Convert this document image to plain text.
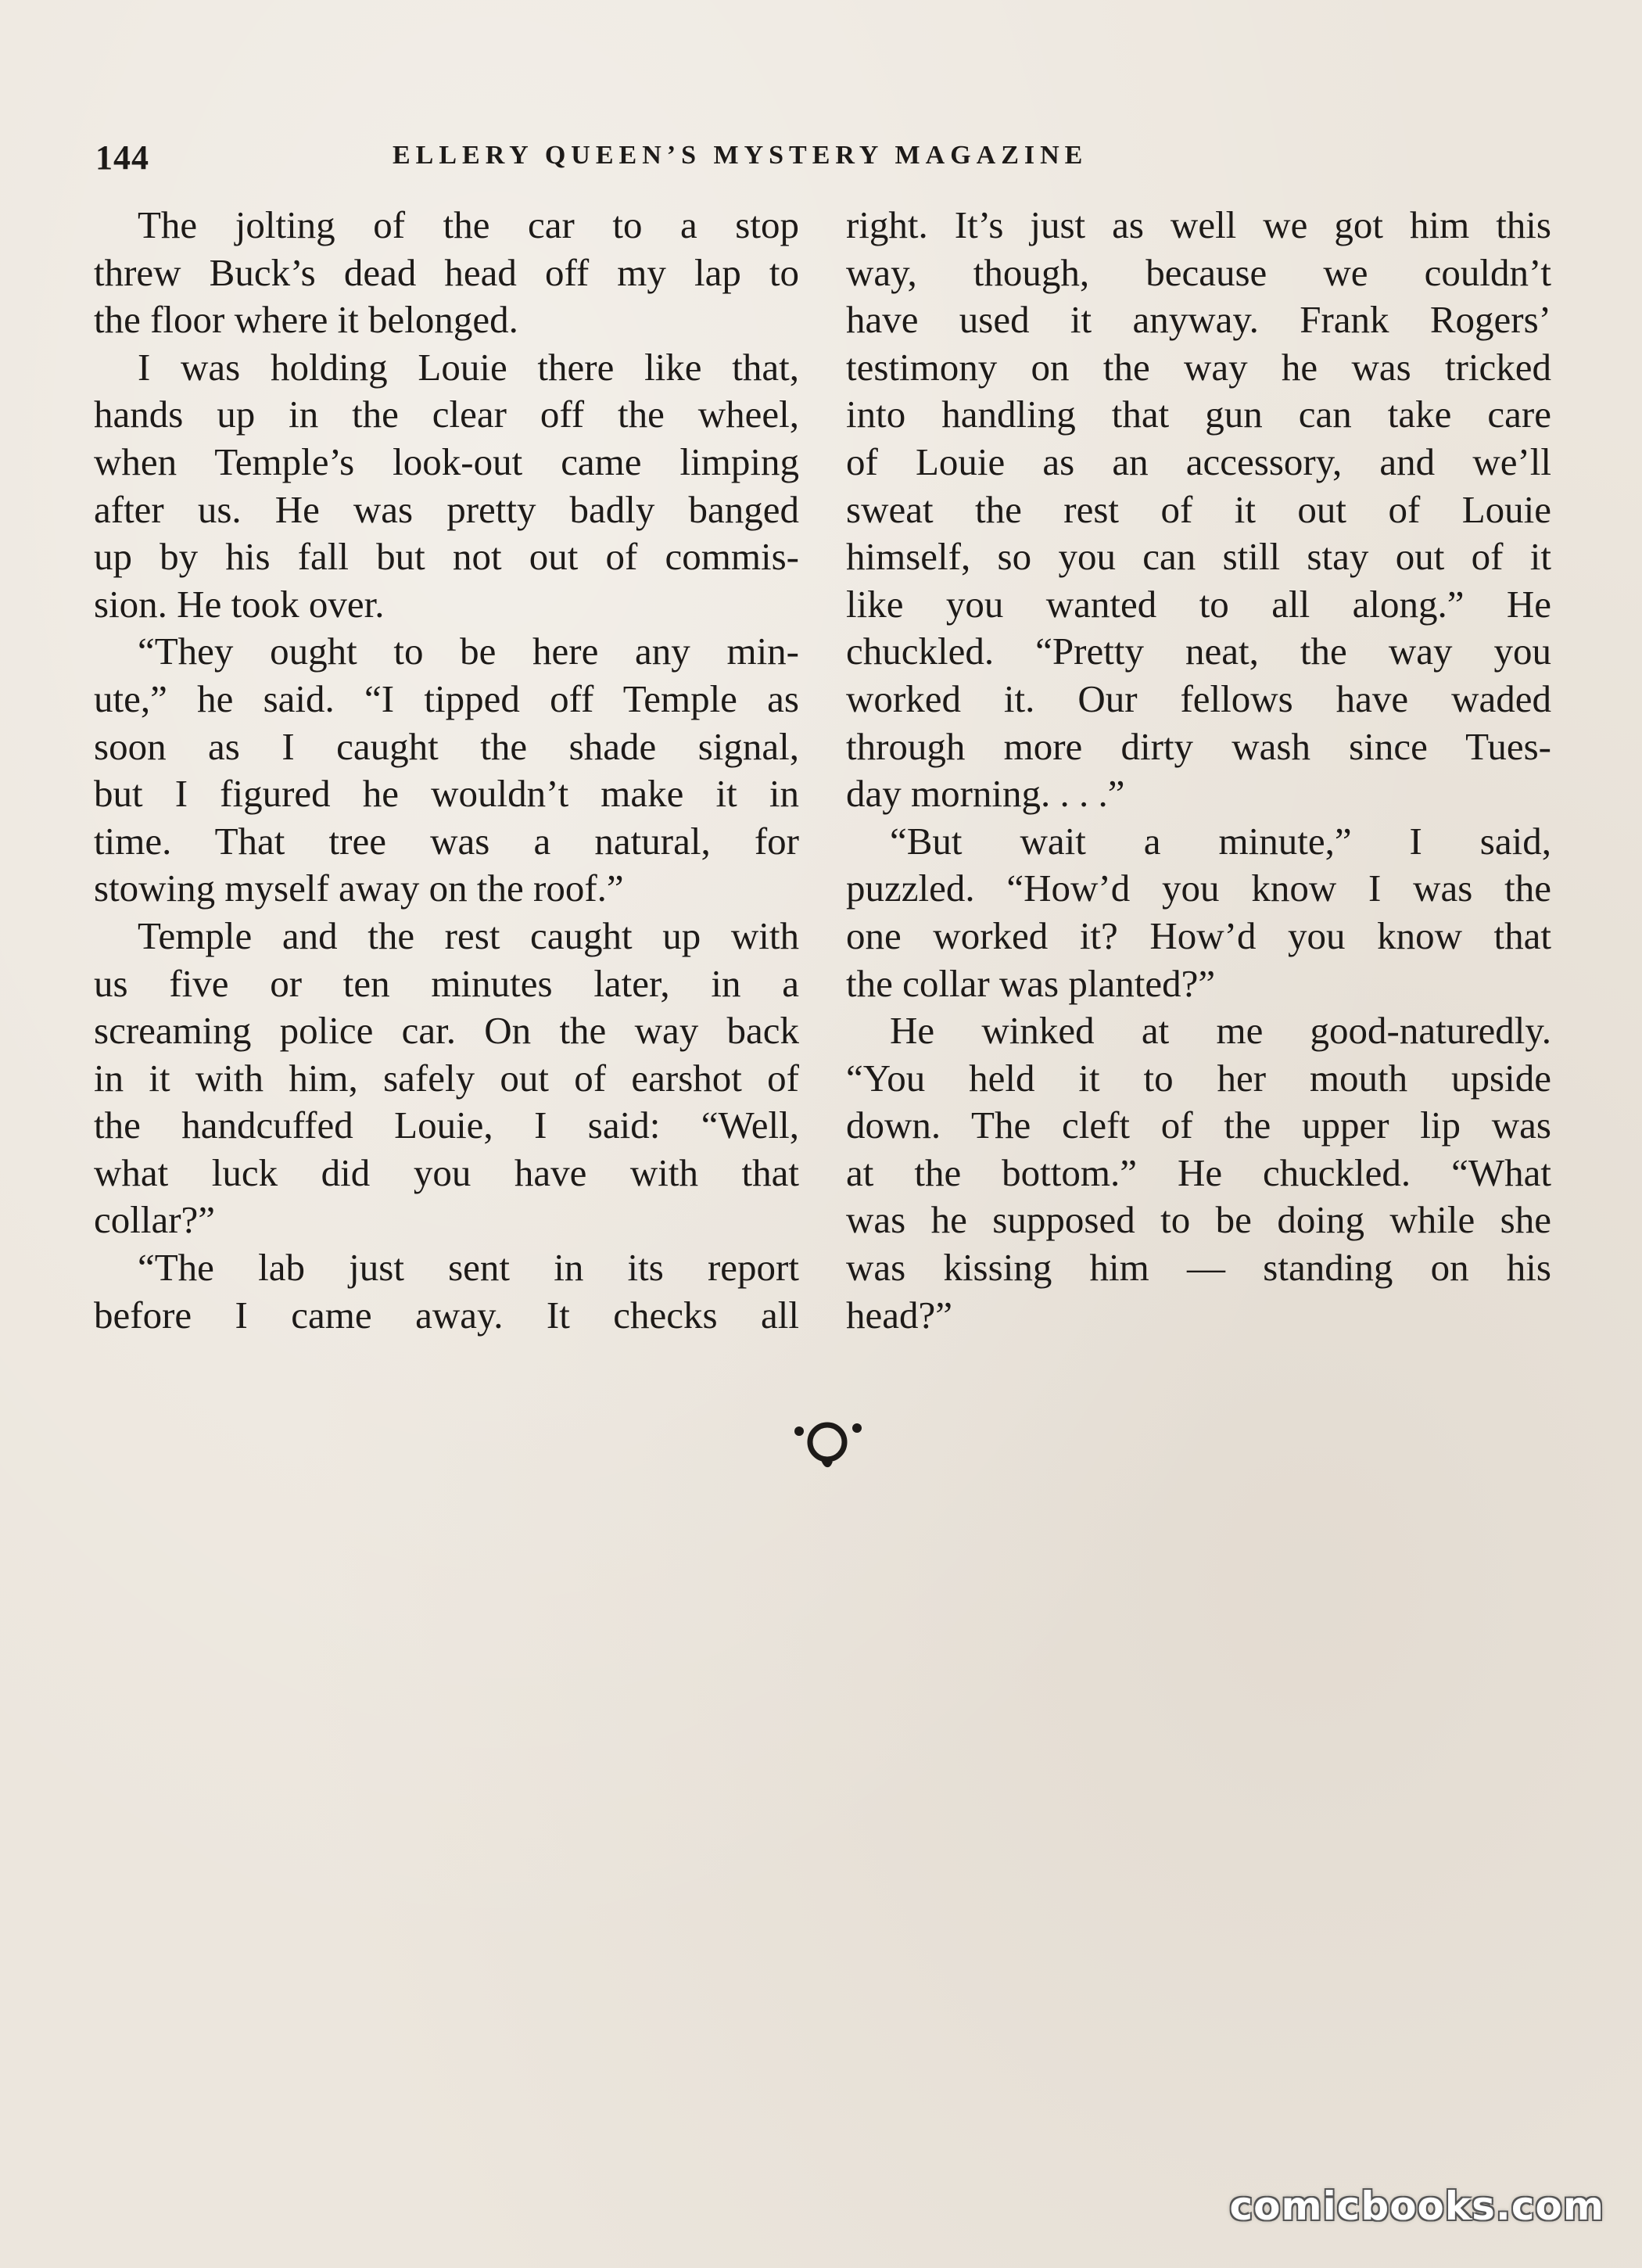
144	ELLERY QUEEN’S MYSTERY MAGAZINE
The jolting of the car to a stop
threw Buck’s dead head off my lap to
the floor where it belonged.
I was holding Louie there like that,
hands up in the clear off the wheel,
when Temple’s look-out came limping
after us. He was pretty badly banged
up by his fall but not out of commis-
sion. He took over.
“They ought to be here any min-
ute,” he said. “I tipped off Temple as
soon as I caught the shade signal,
but I figured he wouldn’t make it in
time. That tree was a natural, for
stowing myself away on the roof.”
Temple and the rest caught up with
us five or ten minutes later, in a
screaming police car. On the way back
in it with him, safely out of earshot of
the handcuffed Louie, I said: “Well,
what luck did you have with that
collar?”
“The lab just sent in its report
before I came away. It checks all
right. It’s just as well we got him this
way, though, because we couldn’t
have used it anyway. Frank Rogers’
testimony on the way he was tricked
into handling that gun can take care
of Louie as an accessory, and we’ll
sweat the rest of it out of Louie
himself, so you can still stay out of it
like you wanted to all along.” He
chuckled. “Pretty neat, the way you
worked it. Our fellows have waded
through more dirty wash since Tues-
day morning. . . .”
“But wait a minute,” I said,
puzzled. “How’d you know I was the
one worked it? How’d you know that
the collar was planted?”
He winked at me good-naturedly.
“You held it to her mouth upside
down. The cleft of the upper lip was
at the bottom.” He chuckled. “What
was he supposed to be doing while she
was kissing him — standing on his
head?”
comicbooks.com
